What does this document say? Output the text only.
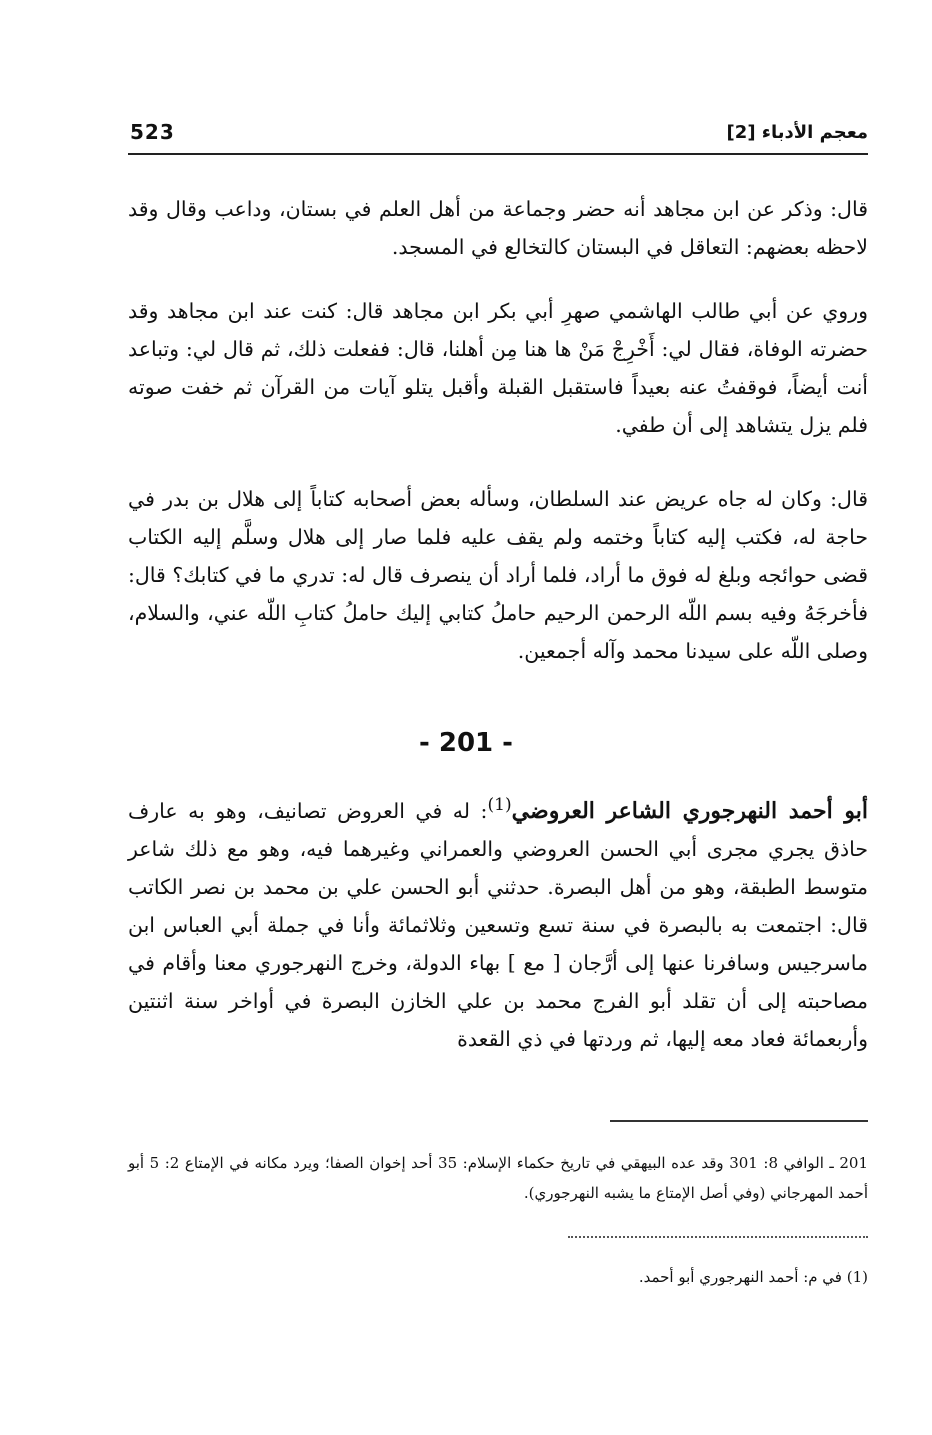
معجم الأدباء [2]
523

قال: وذكر عن ابن مجاهد أنه حضر وجماعة من أهل العلم في بستان، وداعب وقال وقد لاحظه بعضهم: التعاقل في البستان كالتخالع في المسجد.

وروي عن أبي طالب الهاشمي صهرِ أبي بكر ابن مجاهد قال: كنت عند ابن مجاهد وقد حضرته الوفاة، فقال لي: أَخْرِجْ مَنْ ها هنا مِن أهلنا، قال: ففعلت ذلك، ثم قال لي: وتباعد أنت أيضاً، فوقفتُ عنه بعيداً فاستقبل القبلة وأقبل يتلو آيات من القرآن ثم خفت صوته فلم يزل يتشاهد إلى أن طفي.

قال: وكان له جاه عريض عند السلطان، وسأله بعض أصحابه كتاباً إلى هلال بن بدر في حاجة له، فكتب إليه كتاباً وختمه ولم يقف عليه فلما صار إلى هلال وسلَّم إليه الكتاب قضى حوائجه وبلغ له فوق ما أراد، فلما أراد أن ينصرف قال له: تدري ما في كتابك؟ قال: فأخرجَهُ وفيه بسم اللّه الرحمن الرحيم حاملُ كتابي إليك حاملُ كتابِ اللّه عني، والسلام، وصلى اللّه على سيدنا محمد وآله أجمعين.

- 201 -

أبو أحمد النهرجوري الشاعر العروضي$^{(1)}$: له في العروض تصانيف، وهو به عارف حاذق يجري مجرى أبي الحسن العروضي والعمراني وغيرهما فيه، وهو مع ذلك شاعر متوسط الطبقة، وهو من أهل البصرة. حدثني أبو الحسن علي بن محمد بن نصر الكاتب قال: اجتمعت به بالبصرة في سنة تسع وتسعين وثلاثمائة وأنا في جملة أبي العباس ابن ماسرجيس وسافرنا عنها إلى أرَّجان [ مع ] بهاء الدولة، وخرج النهرجوري معنا وأقام في مصاحبته إلى أن تقلد أبو الفرج محمد بن علي الخازن البصرة في أواخر سنة اثنتين وأربعمائة فعاد معه إليها، ثم وردتها في ذي القعدة

201 ـ الوافي 8: 301 وقد عده البيهقي في تاريخ حكماء الإسلام: 35 أحد إخوان الصفا؛ ويرد مكانه في الإمتاع 2: 5 أبو أحمد المهرجاني (وفي أصل الإمتاع ما يشبه النهرجوري).

(1) في م: أحمد النهرجوري أبو أحمد.
